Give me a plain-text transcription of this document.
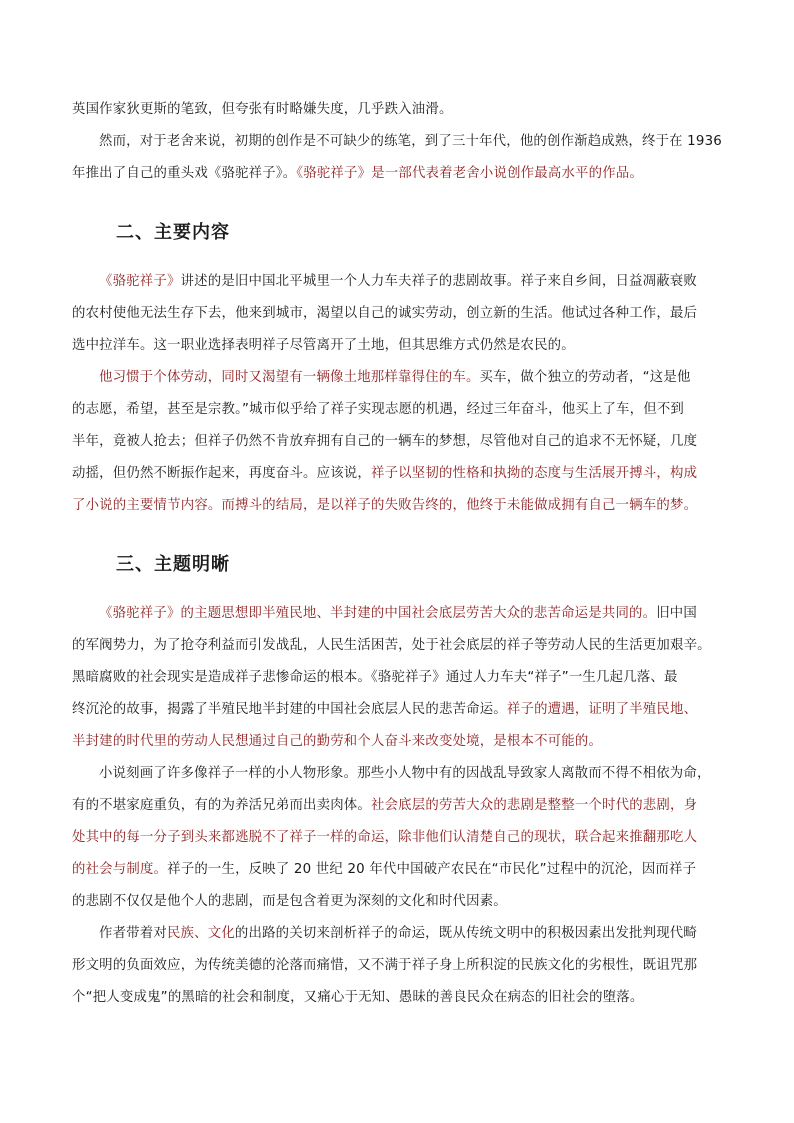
英国作家狄更斯的笔致，但夸张有时略嫌失度，几乎跌入油滑。
然而，对于老舍来说，初期的创作是不可缺少的练笔，到了三十年代，他的创作渐趋成熟，终于在 1936
年推出了自己的重头戏《骆驼祥子》。《骆驼祥子》是一部代表着老舍小说创作最高水平的作品。
二、主要内容
《骆驼祥子》讲述的是旧中国北平城里一个人力车夫祥子的悲剧故事。祥子来自乡间，日益凋蔽衰败
的农村使他无法生存下去，他来到城市，渴望以自己的诚实劳动，创立新的生活。他试过各种工作，最后
选中拉洋车。这一职业选择表明祥子尽管离开了土地，但其思维方式仍然是农民的。
他习惯于个体劳动，同时又渴望有一辆像土地那样靠得住的车。买车，做个独立的劳动者，“这是他
的志愿，希望，甚至是宗教。”城市似乎给了祥子实现志愿的机遇，经过三年奋斗，他买上了车，但不到
半年，竟被人抢去；但祥子仍然不肯放弃拥有自己的一辆车的梦想，尽管他对自己的追求不无怀疑，几度
动摇，但仍然不断振作起来，再度奋斗。应该说，祥子以坚韧的性格和执拗的态度与生活展开搏斗，构成
了小说的主要情节内容。而搏斗的结局，是以祥子的失败告终的，他终于未能做成拥有自己一辆车的梦。
三、主题明晰
《骆驼祥子》的主题思想即半殖民地、半封建的中国社会底层劳苦大众的悲苦命运是共同的。旧中国
的军阀势力，为了抢夺利益而引发战乱，人民生活困苦，处于社会底层的祥子等劳动人民的生活更加艰辛。
黑暗腐败的社会现实是造成祥子悲惨命运的根本。《骆驼祥子》通过人力车夫“祥子”一生几起几落、最
终沉沦的故事，揭露了半殖民地半封建的中国社会底层人民的悲苦命运。祥子的遭遇，证明了半殖民地、
半封建的时代里的劳动人民想通过自己的勤劳和个人奋斗来改变处境，是根本不可能的。
小说刻画了许多像祥子一样的小人物形象。那些小人物中有的因战乱导致家人离散而不得不相依为命，
有的不堪家庭重负，有的为养活兄弟而出卖肉体。社会底层的劳苦大众的悲剧是整整一个时代的悲剧，身
处其中的每一分子到头来都逃脱不了祥子一样的命运，除非他们认清楚自己的现状，联合起来推翻那吃人
的社会与制度。祥子的一生，反映了 20 世纪 20 年代中国破产农民在“市民化”过程中的沉沦，因而祥子
的悲剧不仅仅是他个人的悲剧，而是包含着更为深刻的文化和时代因素。
作者带着对民族、文化的出路的关切来剖析祥子的命运，既从传统文明中的积极因素出发批判现代畸
形文明的负面效应，为传统美德的沦落而痛惜，又不满于祥子身上所积淀的民族文化的劣根性，既诅咒那
个“把人变成鬼”的黑暗的社会和制度，又痛心于无知、愚昧的善良民众在病态的旧社会的堕落。
